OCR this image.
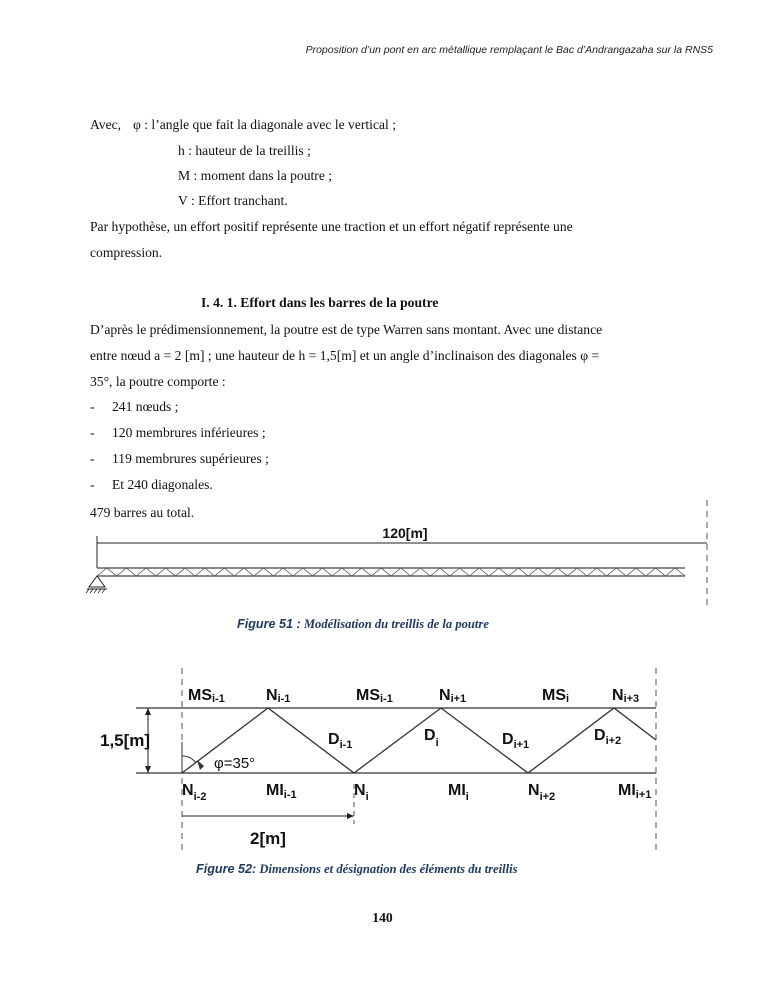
Proposition d’un pont en arc métallique remplaçant le Bac d’Andrangazaha sur la RNS5
Avec, φ : l’angle que fait la diagonale avec le vertical ;
h : hauteur de la treillis ;
M : moment dans la poutre ;
V : Effort tranchant.
Par hypothèse, un effort positif représente une traction et un effort négatif représente une
compression.
I. 4. 1. Effort dans les barres de la poutre
D’après le prédimensionnement, la poutre est de type Warren sans montant. Avec une distance
entre nœud a = 2 [m] ; une hauteur de h = 1,5[m] et un angle d’inclinaison des diagonales φ =
35°, la poutre comporte :
- 241 nœuds ;
- 120 membrures inférieures ;
- 119 membrures supérieures ;
- Et 240 diagonales.
479 barres au total.
120[m]
Figure 51 : Modélisation du treillis de la poutre
1,5[m]
φ=35°
2[m]
MSi-1	Ni-1	MSi-1	Ni+1	MSi	Ni+3
$D_{i-1}$
$D_i$	$D_{i+1}$
$D_{i+2}$
$N_{i-2}$	MIi-1	$N_i$	$MI_i$	$N_{i+2}$	MIi+1
Figure 52: Dimensions et désignation des éléments du treillis
140
